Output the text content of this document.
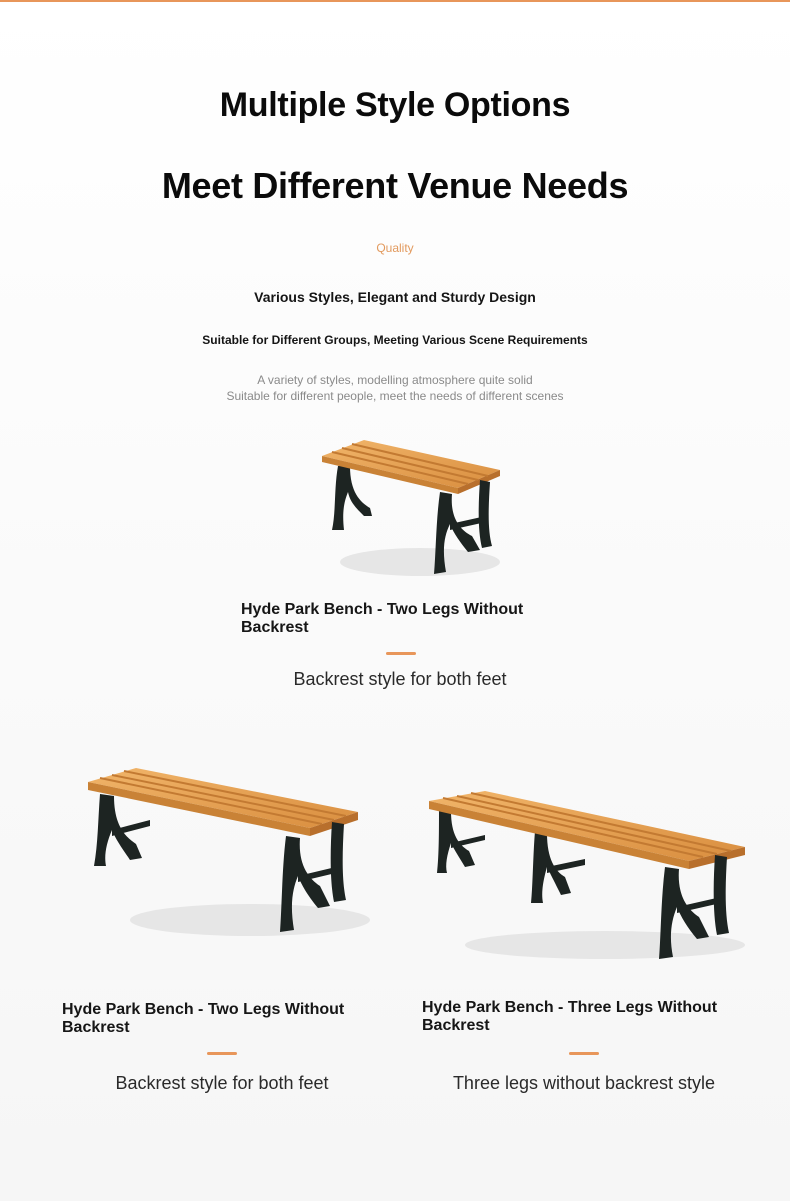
Multiple Style Options
Meet Different Venue Needs
Quality
Various Styles, Elegant and Sturdy Design
Suitable for Different Groups, Meeting Various Scene Requirements
A variety of styles, modelling atmosphere quite solid
Suitable for different people, meet the needs of different scenes
Hyde Park Bench - Two Legs Without Backrest
Backrest style for both feet
Hyde Park Bench - Two Legs Without Backrest
Backrest style for both feet
Hyde Park Bench - Three Legs Without Backrest
Three legs without backrest style
